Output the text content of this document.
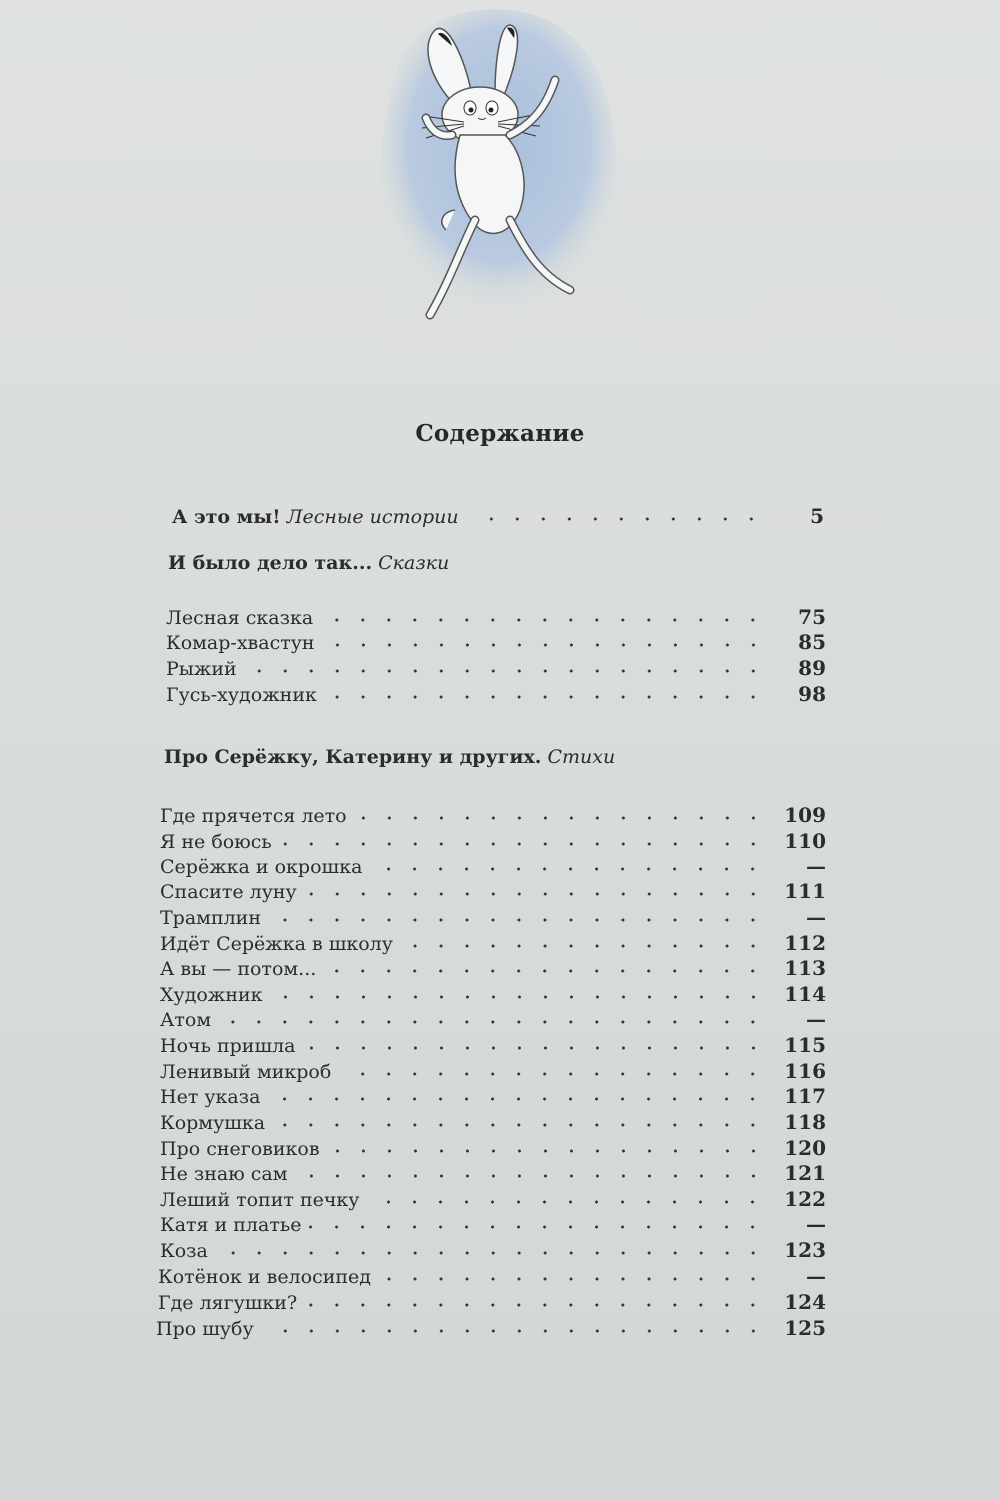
Содержание
А это мы! Лесные истории	5
И было дело так... Сказки
Лесная сказка	75
Комар-хвастун	85
Рыжий	89
Гусь-художник	98
Про Серёжку, Катерину и других. Стихи
Где прячется лето	109
Я не боюсь	110
Серёжка и окрошка	—
Спасите луну	111
Трамплин	—
Идёт Серёжка в школу	112
А вы — потом...	113
Художник	114
Атом	—
Ночь пришла	115
Ленивый микроб	116
Нет указа	117
Кормушка	118
Про снеговиков	120
Не знаю сам	121
Леший топит печку	122
Катя и платье	—
Коза	123
Котёнок и велосипед	—
Где лягушки?	124
Про шубу	125
